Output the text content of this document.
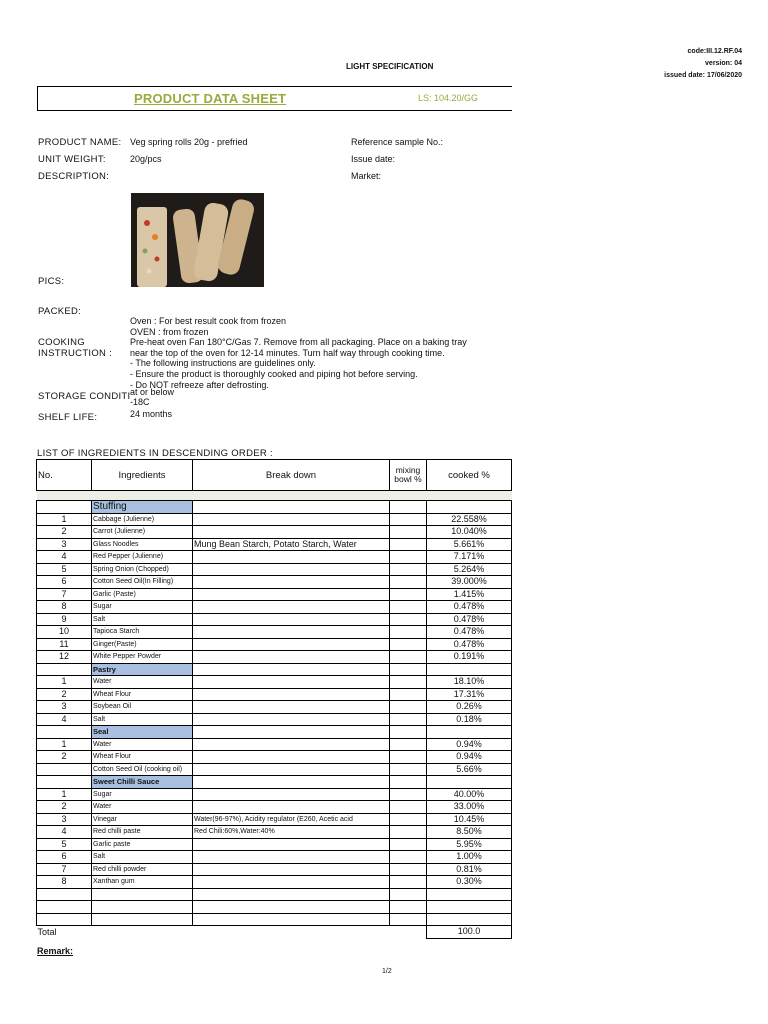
code:III.12.RF.04
version: 04
issued date: 17/06/2020
LIGHT SPECIFICATION
PRODUCT DATA SHEET	LS: 104.20/GG
PRODUCT NAME: Veg spring rolls 20g - prefried	Reference sample No.:
UNIT WEIGHT:	20g/pcs	Issue date:
DESCRIPTION:	Market:
PICS:
PACKED:
COOKING INSTRUCTION :
Oven : For best result cook from frozen
OVEN : from frozen
Pre-heat oven Fan 180°C/Gas 7. Remove from all packaging. Place on a baking tray
near the top of the oven for 12-14 minutes. Turn half way through cooking time.
- The following instructions are guidelines only.
- Ensure the product is thoroughly cooked and piping hot before serving.
- Do NOT refreeze after defrosting.
STORAGE CONDITI at or below -18C
SHELF LIFE:	24 months
LIST OF INGREDIENTS IN DESCENDING ORDER :
No.	Ingredients	Break down	mixing bowl %	cooked %

	Stuffing			
1	Cabbage (Julienne)			22.558%
2	Carrot (Julienne)			10.040%
3	Glass Noodles	Mung Bean Starch, Potato Starch, Water		5.661%
4	Red Pepper (Julienne)			7.171%
5	Spring Onion (Chopped)			5.264%
6	Cotton Seed Oil(In Filling)			39.000%
7	Garlic (Paste)			1.415%
8	Sugar			0.478%
9	Salt			0.478%
10	Tapioca Starch			0.478%
11	Ginger(Paste)			0.478%
12	White Pepper Powder			0.191%
	Pastry			
1	Water			18.10%
2	Wheat Flour			17.31%
3	Soybean Oil			0.26%
4	Salt			0.18%
	Seal			
1	Water			0.94%
2	Wheat Flour			0.94%
	Cotton Seed Oil (cooking oil)			5.66%
	Sweet Chilli Sauce			
1	Sugar			40.00%
2	Water			33.00%
3	Vinegar	Water(96-97%), Acidity regulator (E260, Acetic acid		10.45%
4	Red chilli paste	Red Chili:60%,Water:40%		8.50%
5	Garlic paste			5.95%
6	Salt			1.00%
7	Red chilli powder			0.81%
8	Xanthan gum			0.30%

Total				100.0
Remark:
1/2
